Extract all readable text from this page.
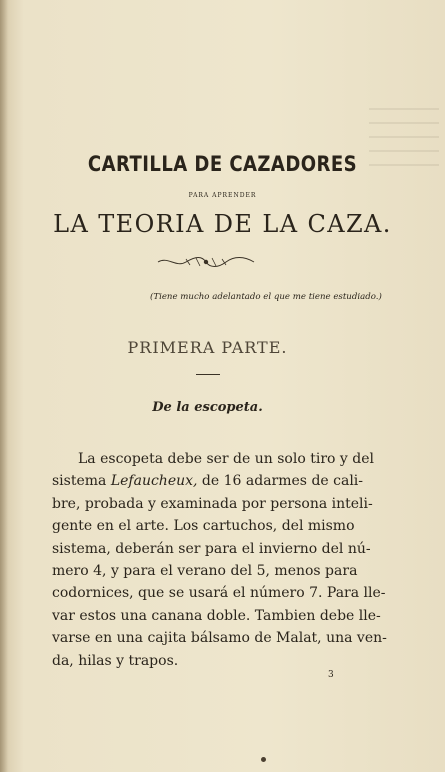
CARTILLA DE CAZADORES
PARA APRENDER
LA TEORIA DE LA CAZA.
(Tiene mucho adelantado el que me tiene estudiado.)
PRIMERA PARTE.
De la escopeta.

La escopeta debe ser de un solo tiro y del
sistema Lefaucheux, de 16 adarmes de cali-
bre, probada y examinada por persona inteli-
gente en el arte. Los cartuchos, del mismo
sistema, deberán ser para el invierno del nú-
mero 4, y para el verano del 5, menos para
codornices, que se usará el número 7. Para lle-
var estos una canana doble. Tambien debe lle-
varse en una cajita bálsamo de Malat, una ven-
da, hilas y trapos.

3
